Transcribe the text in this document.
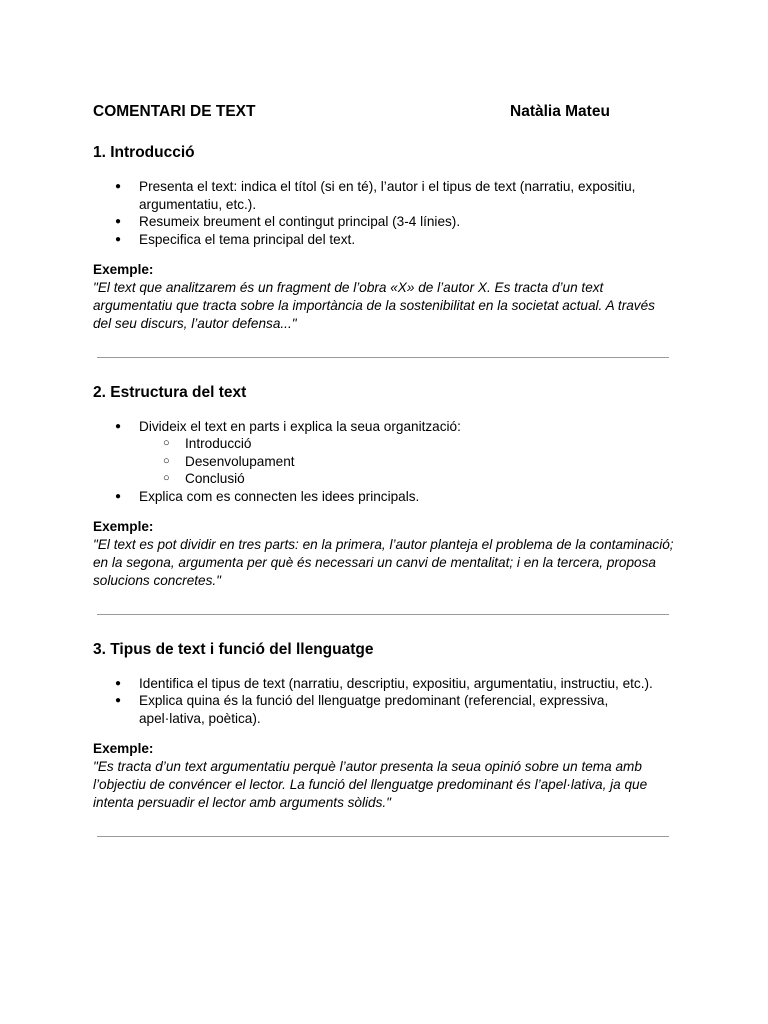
COMENTARI DE TEXT	Natàlia Mateu
1. Introducció
● Presenta el text: indica el títol (si en té), l’autor i el tipus de text (narratiu, expositiu, argumentatiu, etc.).
● Resumeix breument el contingut principal (3-4 línies).
● Especifica el tema principal del text.
Exemple:
"El text que analitzarem és un fragment de l’obra «X» de l’autor X. Es tracta d’un text argumentatiu que tracta sobre la importància de la sostenibilitat en la societat actual. A través del seu discurs, l’autor defensa..."
2. Estructura del text
● Divideix el text en parts i explica la seua organització:
○ Introducció
○ Desenvolupament
○ Conclusió
● Explica com es connecten les idees principals.
Exemple:
"El text es pot dividir en tres parts: en la primera, l’autor planteja el problema de la contaminació; en la segona, argumenta per què és necessari un canvi de mentalitat; i en la tercera, proposa solucions concretes."
3. Tipus de text i funció del llenguatge
● Identifica el tipus de text (narratiu, descriptiu, expositiu, argumentatiu, instructiu, etc.).
● Explica quina és la funció del llenguatge predominant (referencial, expressiva, apel·lativa, poètica).
Exemple:
"Es tracta d’un text argumentatiu perquè l’autor presenta la seua opinió sobre un tema amb l’objectiu de convéncer el lector. La funció del llenguatge predominant és l’apel·lativa, ja que intenta persuadir el lector amb arguments sòlids."
